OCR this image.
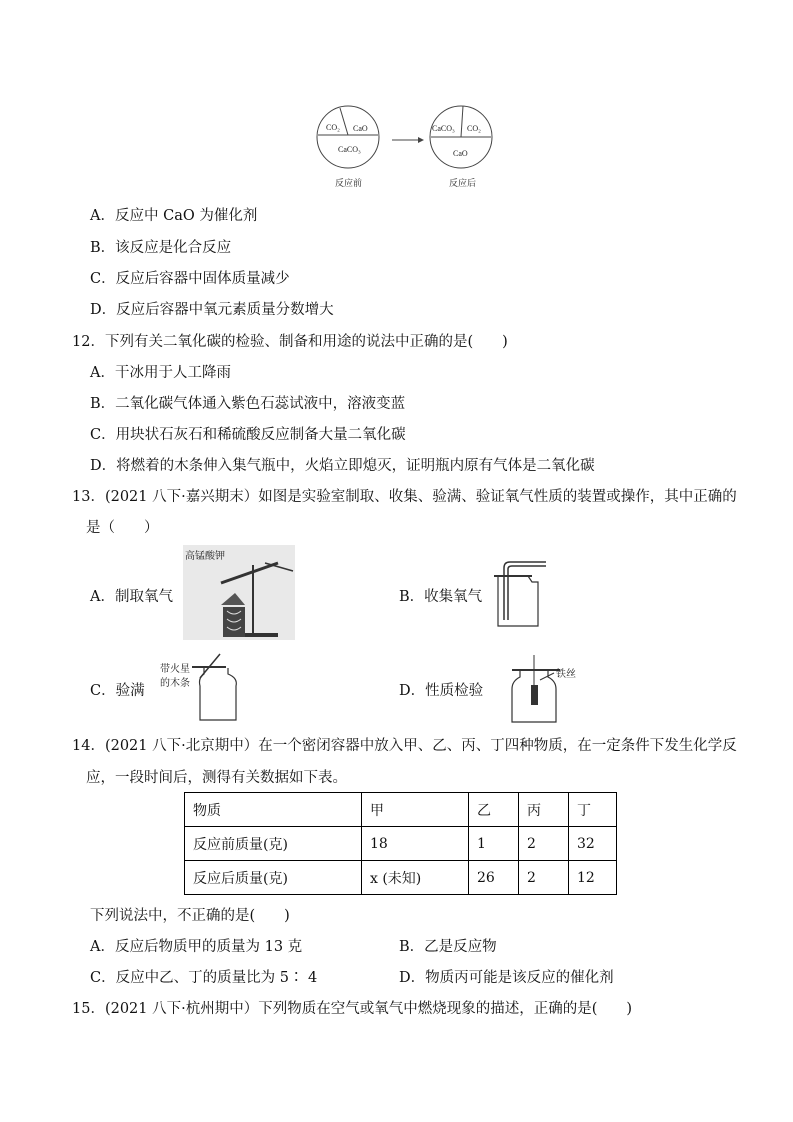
CO₂ CaO
CaCO₃
反应前
CaCO₃ CO₂
CaO
反应后
A．反应中 CaO 为催化剂
B．该反应是化合反应
C．反应后容器中固体质量减少
D．反应后容器中氧元素质量分数增大
12．下列有关二氧化碳的检验、制备和用途的说法中正确的是(　　)
A．干冰用于人工降雨
B．二氧化碳气体通入紫色石蕊试液中，溶液变蓝
C．用块状石灰石和稀硫酸反应制备大量二氧化碳
D．将燃着的木条伸入集气瓶中，火焰立即熄灭，证明瓶内原有气体是二氧化碳
13．(2021 八下·嘉兴期末）如图是实验室制取、收集、验满、验证氧气性质的装置或操作，其中正确的
是（　　）
A．制取氧气	B．收集氧气
C．验满	D．性质检验
高锰酸钾
带火星
的木条
铁丝
14．(2021 八下·北京期中）在一个密闭容器中放入甲、乙、丙、丁四种物质，在一定条件下发生化学反
应，一段时间后，测得有关数据如下表。
物质	甲	乙	丙	丁
反应前质量(克)	18	1	2	32
反应后质量(克)	x (未知)	26	2	12
下列说法中，不正确的是(　　)
A．反应后物质甲的质量为 13 克	B．乙是反应物
C．反应中乙、丁的质量比为 5∶ 4	D．物质丙可能是该反应的催化剂
15．(2021 八下·杭州期中）下列物质在空气或氧气中燃烧现象的描述，正确的是(　　)
